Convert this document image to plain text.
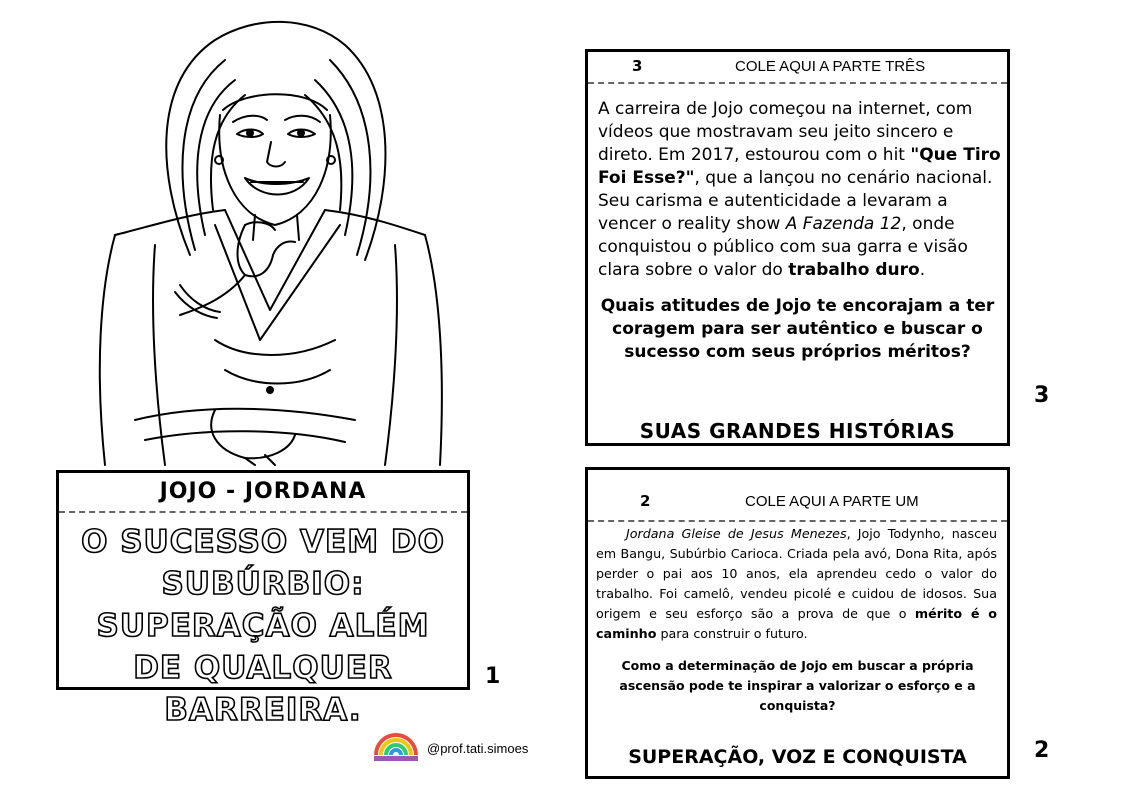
JOJO - JORDANA
O SUCESSO VEM DO SUBÚRBIO: SUPERAÇÃO ALÉM DE QUALQUER BARREIRA.
1
3	COLE AQUI A PARTE TRÊS
A carreira de Jojo começou na internet, com vídeos que mostravam seu jeito sincero e direto. Em 2017, estourou com o hit "Que Tiro Foi Esse?", que a lançou no cenário nacional. Seu carisma e autenticidade a levaram a vencer o reality show A Fazenda 12, onde conquistou o público com sua garra e visão clara sobre o valor do trabalho duro.
Quais atitudes de Jojo te encorajam a ter coragem para ser autêntico e buscar o sucesso com seus próprios méritos?
SUAS GRANDES HISTÓRIAS
3
2	COLE AQUI A PARTE UM
Jordana Gleise de Jesus Menezes, Jojo Todynho, nasceu em Bangu, Subúrbio Carioca. Criada pela avó, Dona Rita, após perder o pai aos 10 anos, ela aprendeu cedo o valor do trabalho. Foi camelô, vendeu picolé e cuidou de idosos. Sua origem e seu esforço são a prova de que o mérito é o caminho para construir o futuro.
Como a determinação de Jojo em buscar a própria ascensão pode te inspirar a valorizar o esforço e a conquista?
SUPERAÇÃO, VOZ E CONQUISTA	2
@prof.tati.simoes
